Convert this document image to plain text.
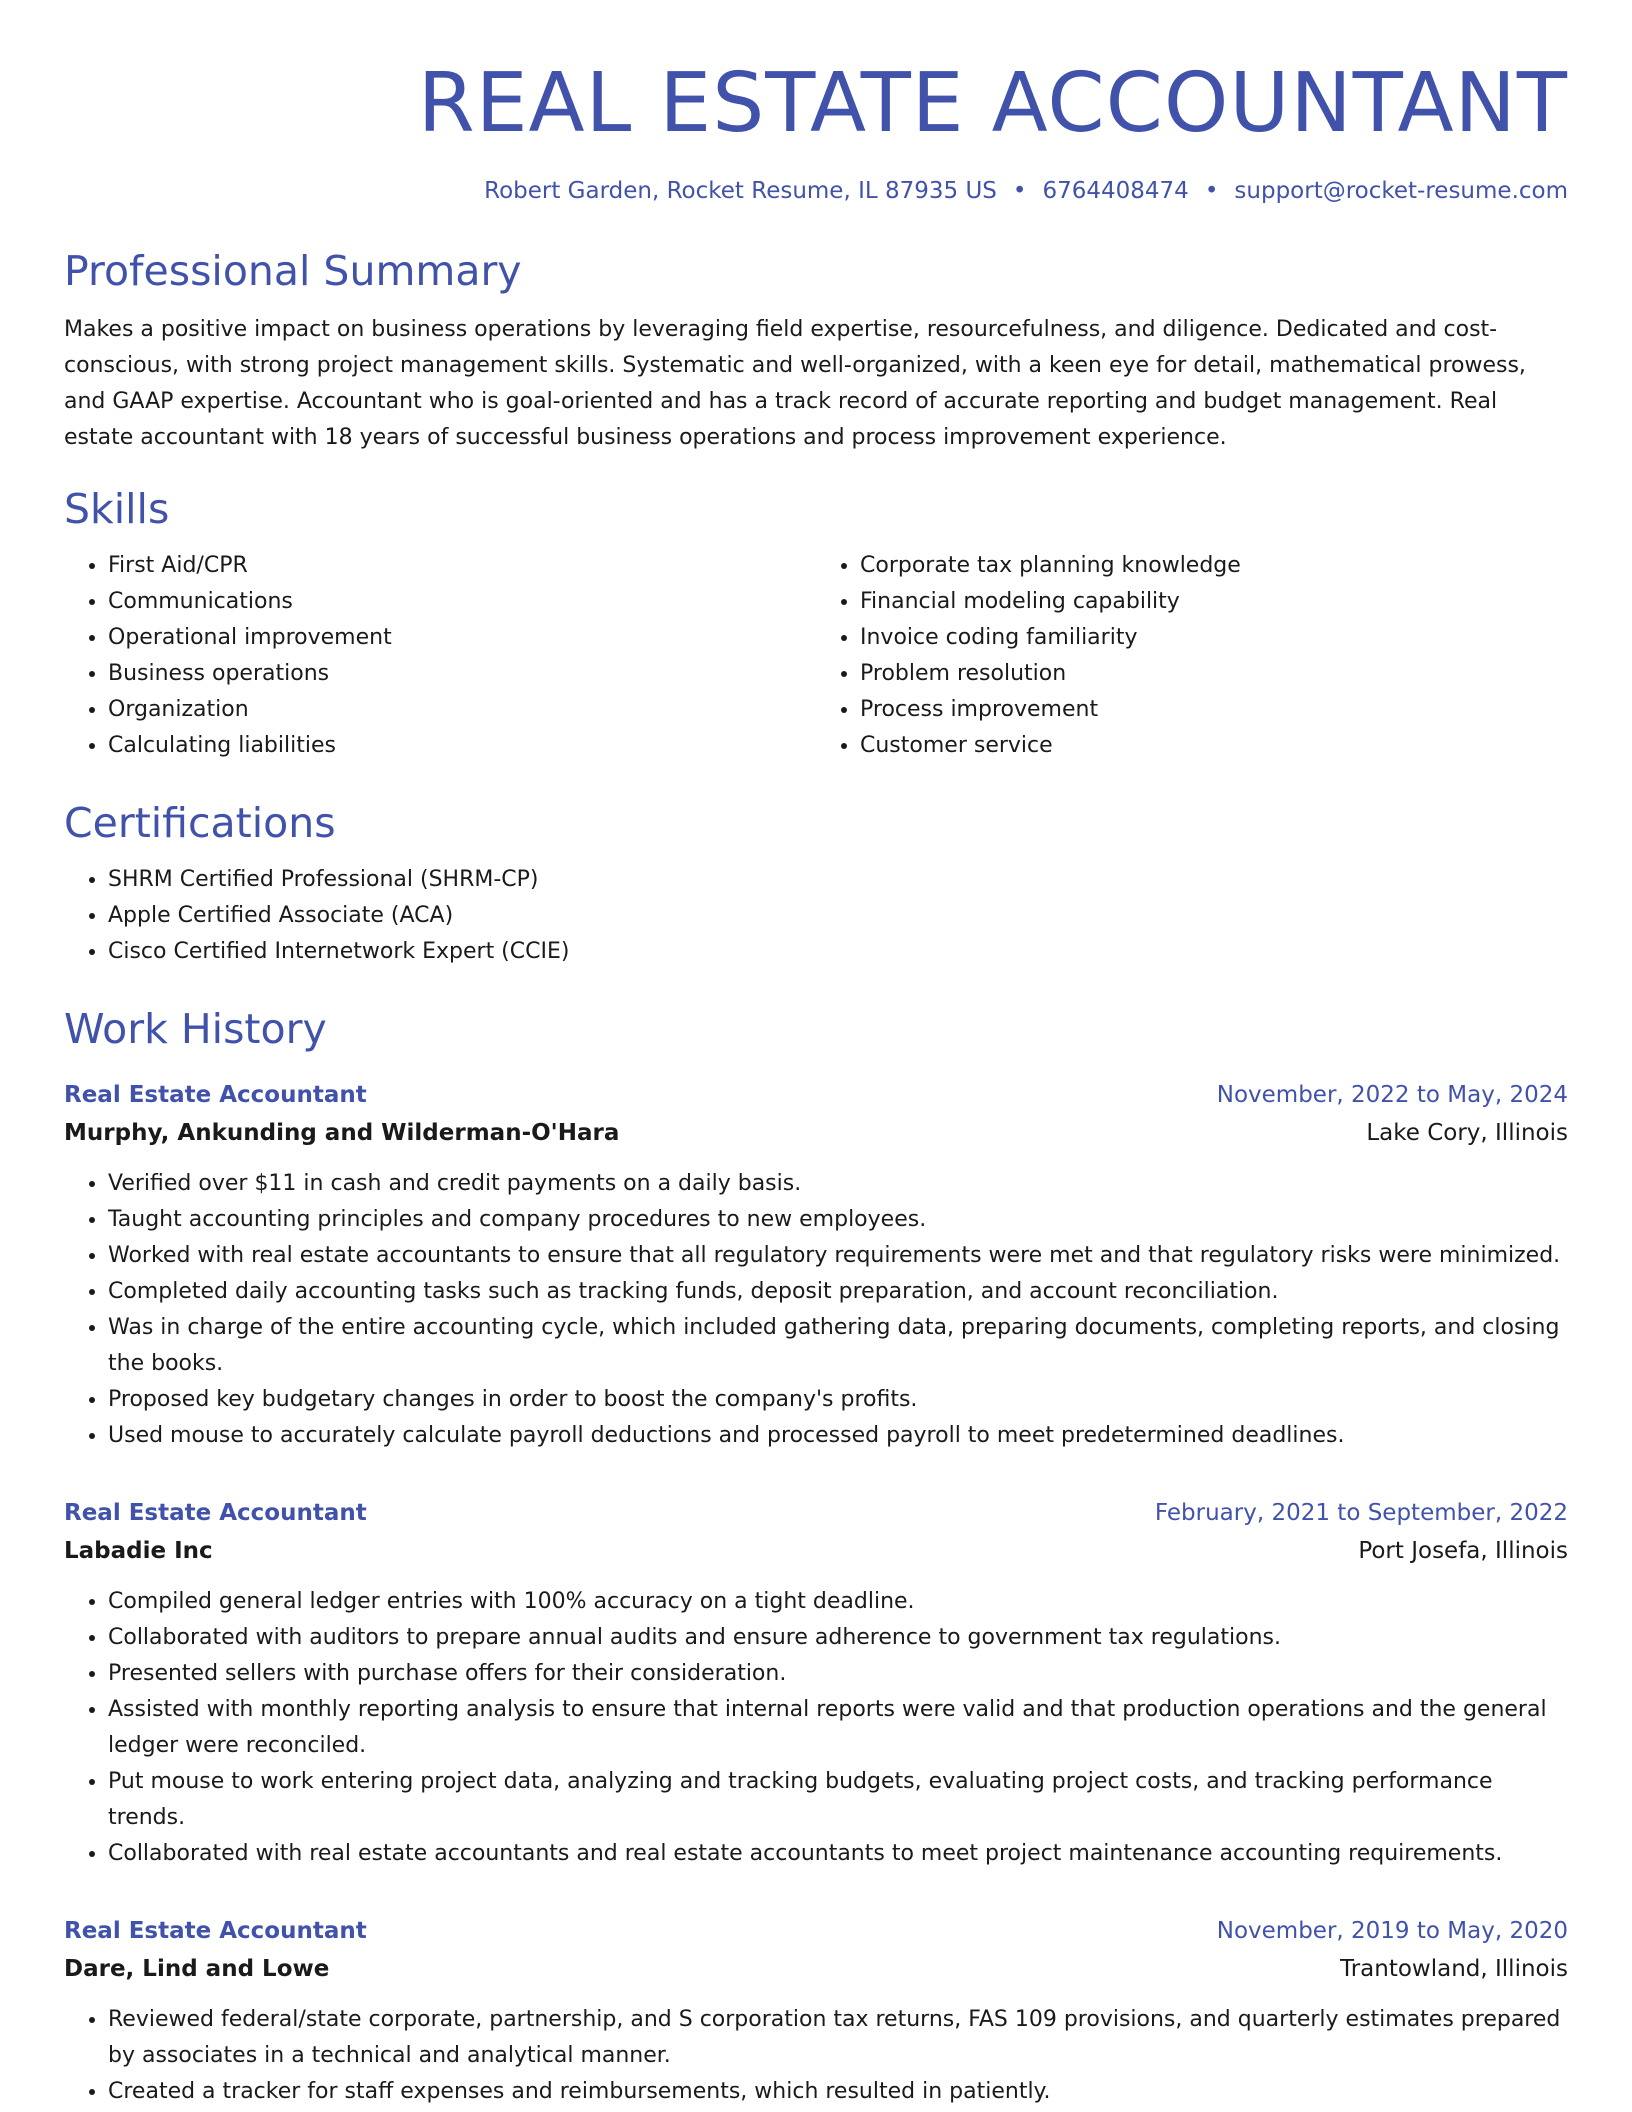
REAL ESTATE ACCOUNTANT
Robert Garden, Rocket Resume, IL 87935 US • 6764408474 • support@rocket-resume.com
Professional Summary

Makes a positive impact on business operations by leveraging field expertise, resourcefulness, and diligence. Dedicated and cost-conscious, with strong project management skills. Systematic and well-organized, with a keen eye for detail, mathematical prowess, and GAAP expertise. Accountant who is goal-oriented and has a track record of accurate reporting and budget management. Real estate accountant with 18 years of successful business operations and process improvement experience.

Skills
• First Aid/CPR
• Communications
• Operational improvement
• Business operations
• Organization
• Calculating liabilities
• Corporate tax planning knowledge
• Financial modeling capability
• Invoice coding familiarity
• Problem resolution
• Process improvement
• Customer service
Certifications
• SHRM Certified Professional (SHRM-CP)
• Apple Certified Associate (ACA)
• Cisco Certified Internetwork Expert (CCIE)
Work History
Real Estate Accountant	November, 2022 to May, 2024
Murphy, Ankunding and Wilderman-O'Hara	Lake Cory, Illinois
• Verified over $11 in cash and credit payments on a daily basis.
• Taught accounting principles and company procedures to new employees.
• Worked with real estate accountants to ensure that all regulatory requirements were met and that regulatory risks were minimized.
• Completed daily accounting tasks such as tracking funds, deposit preparation, and account reconciliation.
• Was in charge of the entire accounting cycle, which included gathering data, preparing documents, completing reports, and closing the books.
• Proposed key budgetary changes in order to boost the company's profits.
• Used mouse to accurately calculate payroll deductions and processed payroll to meet predetermined deadlines.
Real Estate Accountant	February, 2021 to September, 2022
Labadie Inc	Port Josefa, Illinois
• Compiled general ledger entries with 100% accuracy on a tight deadline.
• Collaborated with auditors to prepare annual audits and ensure adherence to government tax regulations.
• Presented sellers with purchase offers for their consideration.
• Assisted with monthly reporting analysis to ensure that internal reports were valid and that production operations and the general ledger were reconciled.
• Put mouse to work entering project data, analyzing and tracking budgets, evaluating project costs, and tracking performance trends.
• Collaborated with real estate accountants and real estate accountants to meet project maintenance accounting requirements.
Real Estate Accountant	November, 2019 to May, 2020
Dare, Lind and Lowe	Trantowland, Illinois
• Reviewed federal/state corporate, partnership, and S corporation tax returns, FAS 109 provisions, and quarterly estimates prepared by associates in a technical and analytical manner.
• Created a tracker for staff expenses and reimbursements, which resulted in patiently.
